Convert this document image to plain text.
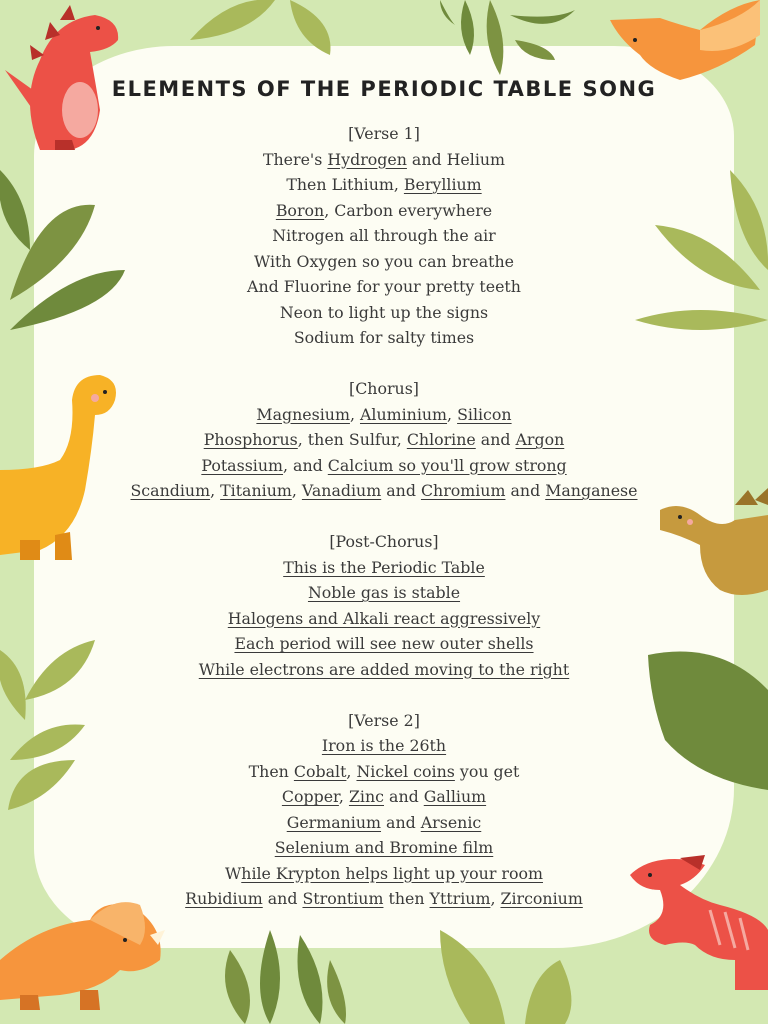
ELEMENTS OF THE PERIODIC TABLE SONG
[Verse 1]
There's Hydrogen and Helium
Then Lithium, Beryllium
Boron, Carbon everywhere
Nitrogen all through the air
With Oxygen so you can breathe
And Fluorine for your pretty teeth
Neon to light up the signs
Sodium for salty times
[Chorus]
Magnesium, Aluminium, Silicon
Phosphorus, then Sulfur, Chlorine and Argon
Potassium, and Calcium so you'll grow strong
Scandium, Titanium, Vanadium and Chromium and Manganese
[Post-Chorus]
This is the Periodic Table
Noble gas is stable
Halogens and Alkali react aggressively
Each period will see new outer shells
While electrons are added moving to the right
[Verse 2]
Iron is the 26th
Then Cobalt, Nickel coins you get
Copper, Zinc and Gallium
Germanium and Arsenic
Selenium and Bromine film
While Krypton helps light up your room
Rubidium and Strontium then Yttrium, Zirconium
